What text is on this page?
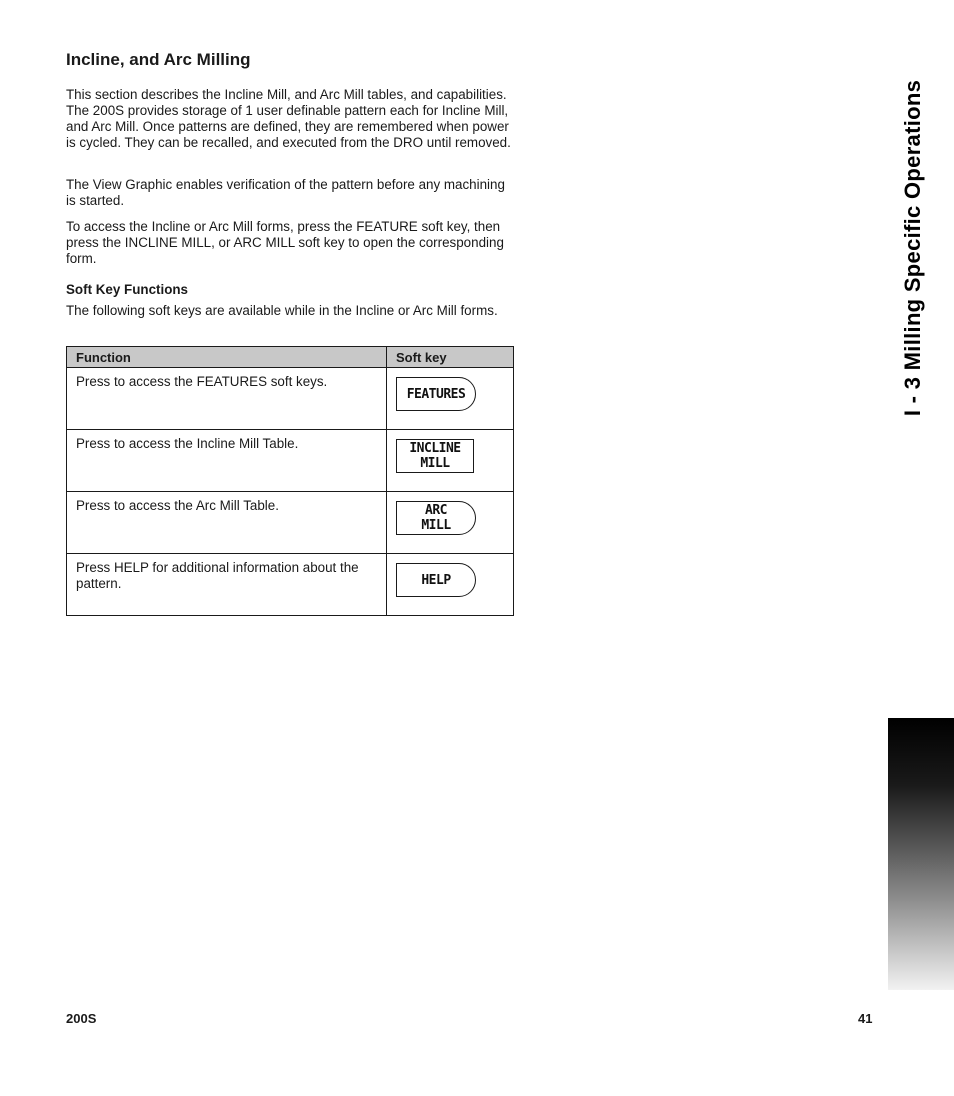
Incline, and Arc Milling

This section describes the Incline Mill, and Arc Mill tables, and capabilities. The 200S provides storage of 1 user definable pattern each for Incline Mill, and Arc Mill. Once patterns are defined, they are remembered when power is cycled. They can be recalled, and executed from the DRO until removed.

The View Graphic enables verification of the pattern before any machining is started.

To access the Incline or Arc Mill forms, press the FEATURE soft key, then press the INCLINE MILL, or ARC MILL soft key to open the corresponding form.

Soft Key Functions

The following soft keys are available while in the Incline or Arc Mill forms.

Function	Soft key
Press to access the FEATURES soft keys.	FEATURES

Press to access the Incline Mill Table.	INCLINE
MILL

Press to access the Arc Mill Table.	ARC
MILL

Press HELP for additional information about the pattern.	HELP
I - 3 Milling Specific Operations
200S	41
